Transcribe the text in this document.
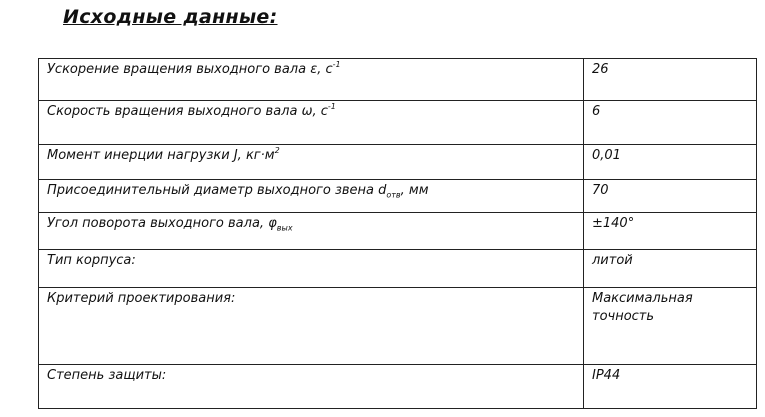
Исходные данные:
Ускорение вращения выходного вала ε, $с^{-1}$	26
Скорость вращения выходного вала ω, $с^{-1}$	6
Момент инерции нагрузки J, $кг\cdot м^2$	0,01
Присоединительный диаметр выходного звена $d_{отв}$, мм	70
Угол поворота выходного вала, $\varphi_{вых}$	±140°
Тип корпуса:	литой
Критерий проектирования:	Максимальная точность
Степень защиты:	IP44
